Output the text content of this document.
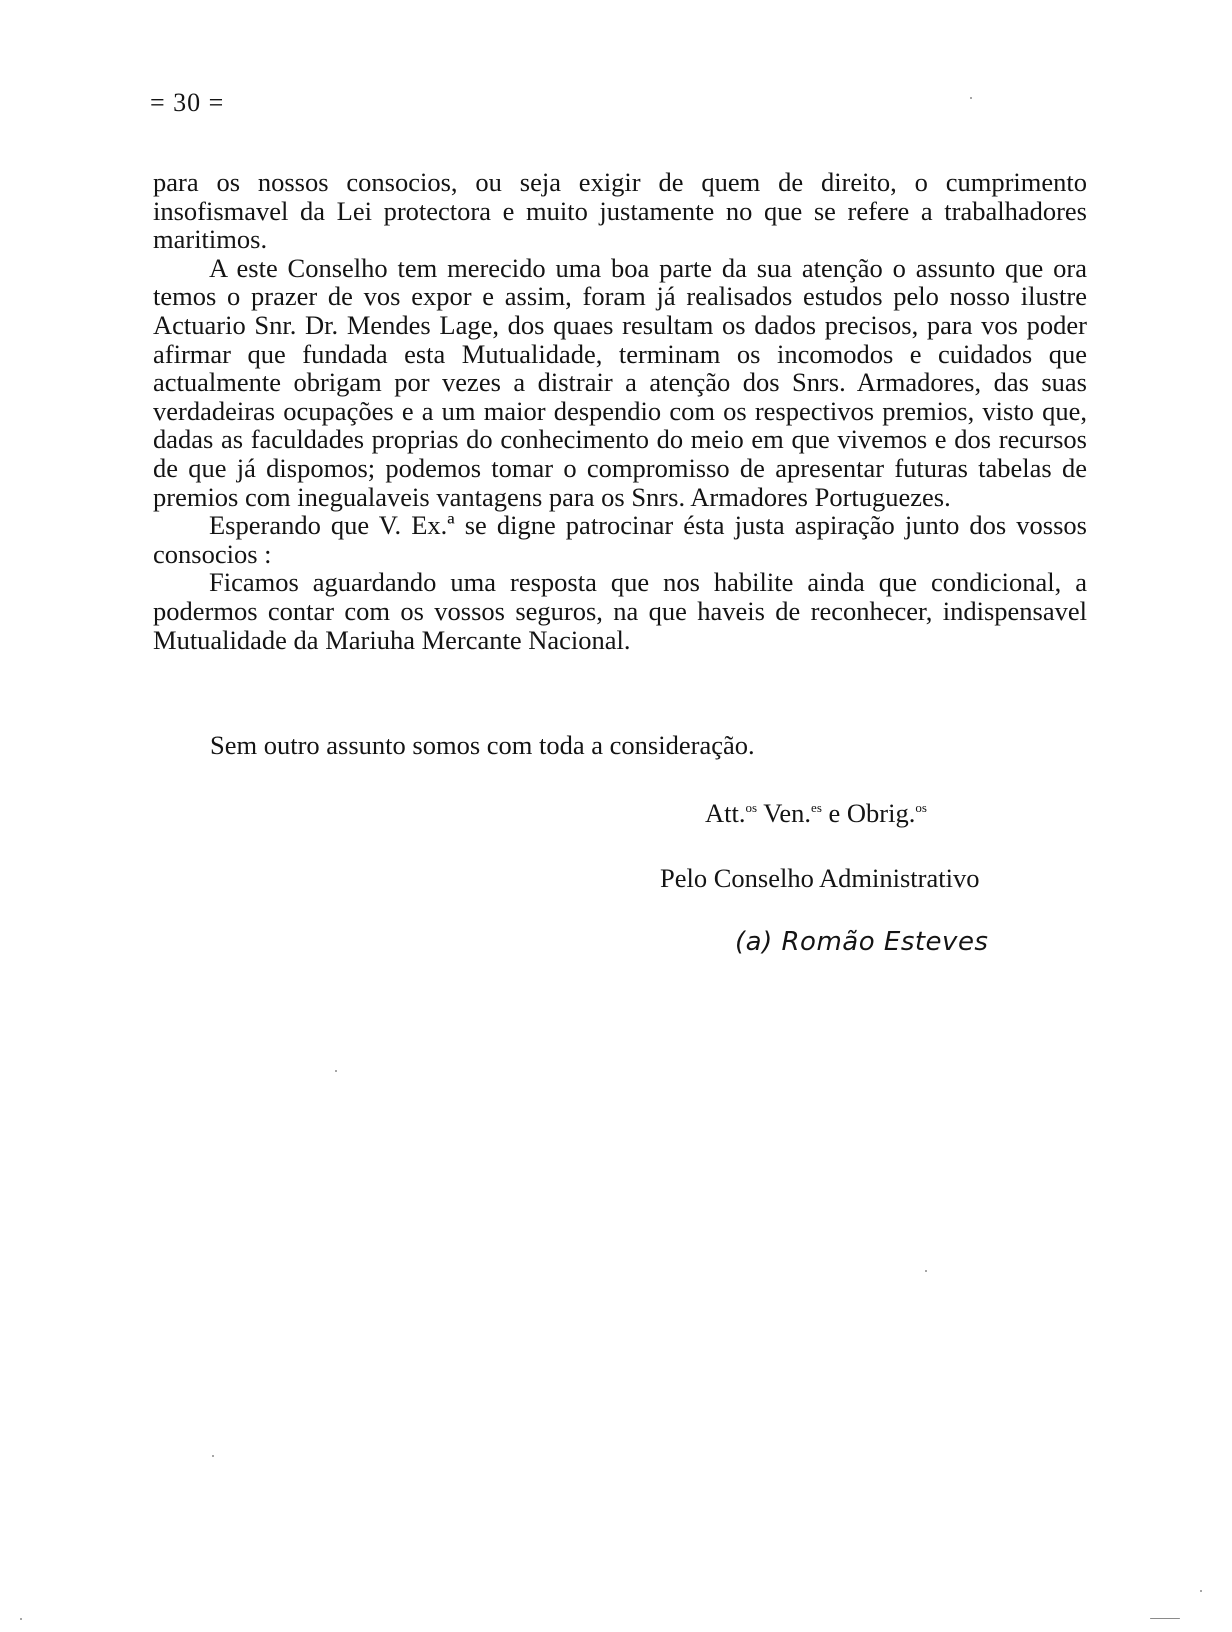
= 30 =

para os nossos consocios, ou seja exigir de quem de direito, o cumprimento insofismavel da Lei protectora e muito justamente no que se refere a trabalhadores maritimos.

A este Conselho tem merecido uma boa parte da sua atenção o assunto que ora temos o prazer de vos expor e assim, foram já realisados estudos pelo nosso ilustre Actuario Snr. Dr. Mendes Lage, dos quaes resultam os dados precisos, para vos poder afirmar que fundada esta Mutualidade, terminam os incomodos e cuidados que actualmente obrigam por vezes a distrair a atenção dos Snrs. Armadores, das suas verdadeiras ocupações e a um maior despendio com os respectivos premios, visto que, dadas as faculdades proprias do conhecimento do meio em que vivemos e dos recursos de que já dispomos; podemos tomar o compromisso de apresentar futuras tabelas de premios com inegualaveis vantagens para os Snrs. Armadores Portuguezes.

Esperando que V. Ex.ª se digne patrocinar ésta justa aspiração junto dos vossos consocios :

Ficamos aguardando uma resposta que nos habilite ainda que condicional, a podermos contar com os vossos seguros, na que haveis de reconhecer, indispensavel Mutualidade da Mariuha Mercante Nacional.

Sem outro assunto somos com toda a consideração.
Att.$^{os}$ Ven.$^{es}$ e Obrig.$^{os}$
Pelo Conselho Administrativo
(a) Romão Esteves
